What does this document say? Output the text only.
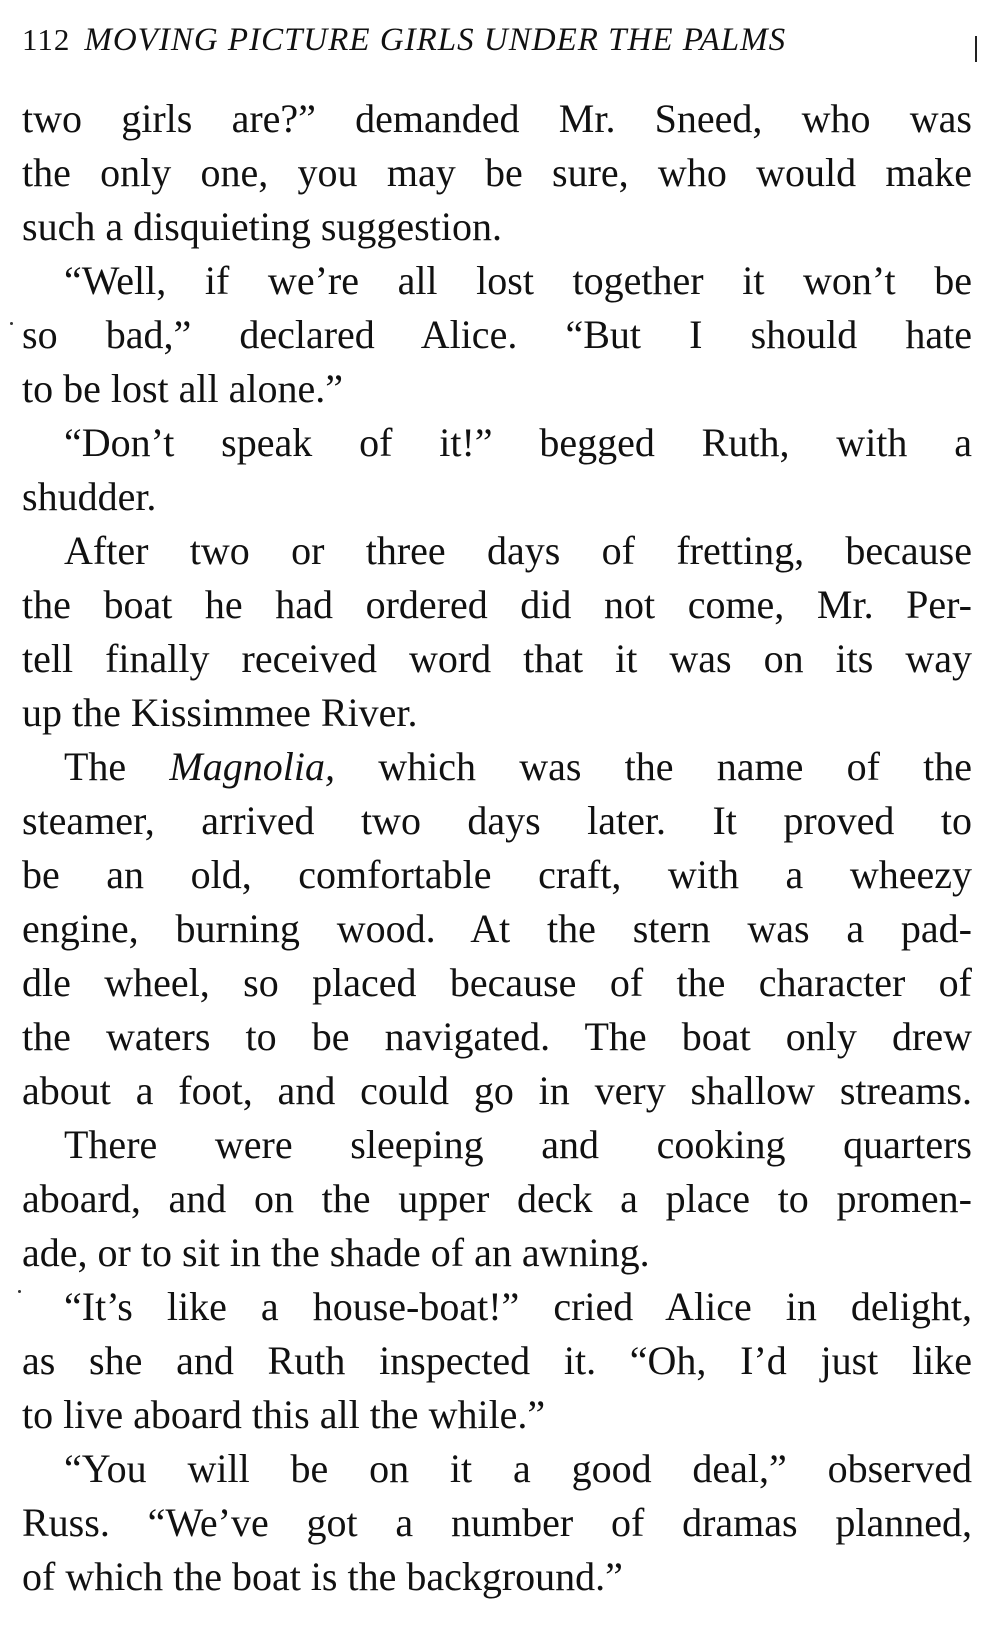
112 MOVING PICTURE GIRLS UNDER THE PALMS
two girls are?” demanded Mr. Sneed, who was
the only one, you may be sure, who would make
such a disquieting suggestion.
“Well, if we’re all lost together it won’t be
so bad,” declared Alice. “But I should hate
to be lost all alone.”
“Don’t speak of it!” begged Ruth, with a
shudder.
After two or three days of fretting, because
the boat he had ordered did not come, Mr. Per-
tell finally received word that it was on its way
up the Kissimmee River.
The Magnolia, which was the name of the
steamer, arrived two days later. It proved to
be an old, comfortable craft, with a wheezy
engine, burning wood. At the stern was a pad-
dle wheel, so placed because of the character of
the waters to be navigated. The boat only drew
about a foot, and could go in very shallow streams.
There were sleeping and cooking quarters
aboard, and on the upper deck a place to promen-
ade, or to sit in the shade of an awning.
“It’s like a house-boat!” cried Alice in delight,
as she and Ruth inspected it. “Oh, I’d just like
to live aboard this all the while.”
“You will be on it a good deal,” observed
Russ. “We’ve got a number of dramas planned,
of which the boat is the background.”
